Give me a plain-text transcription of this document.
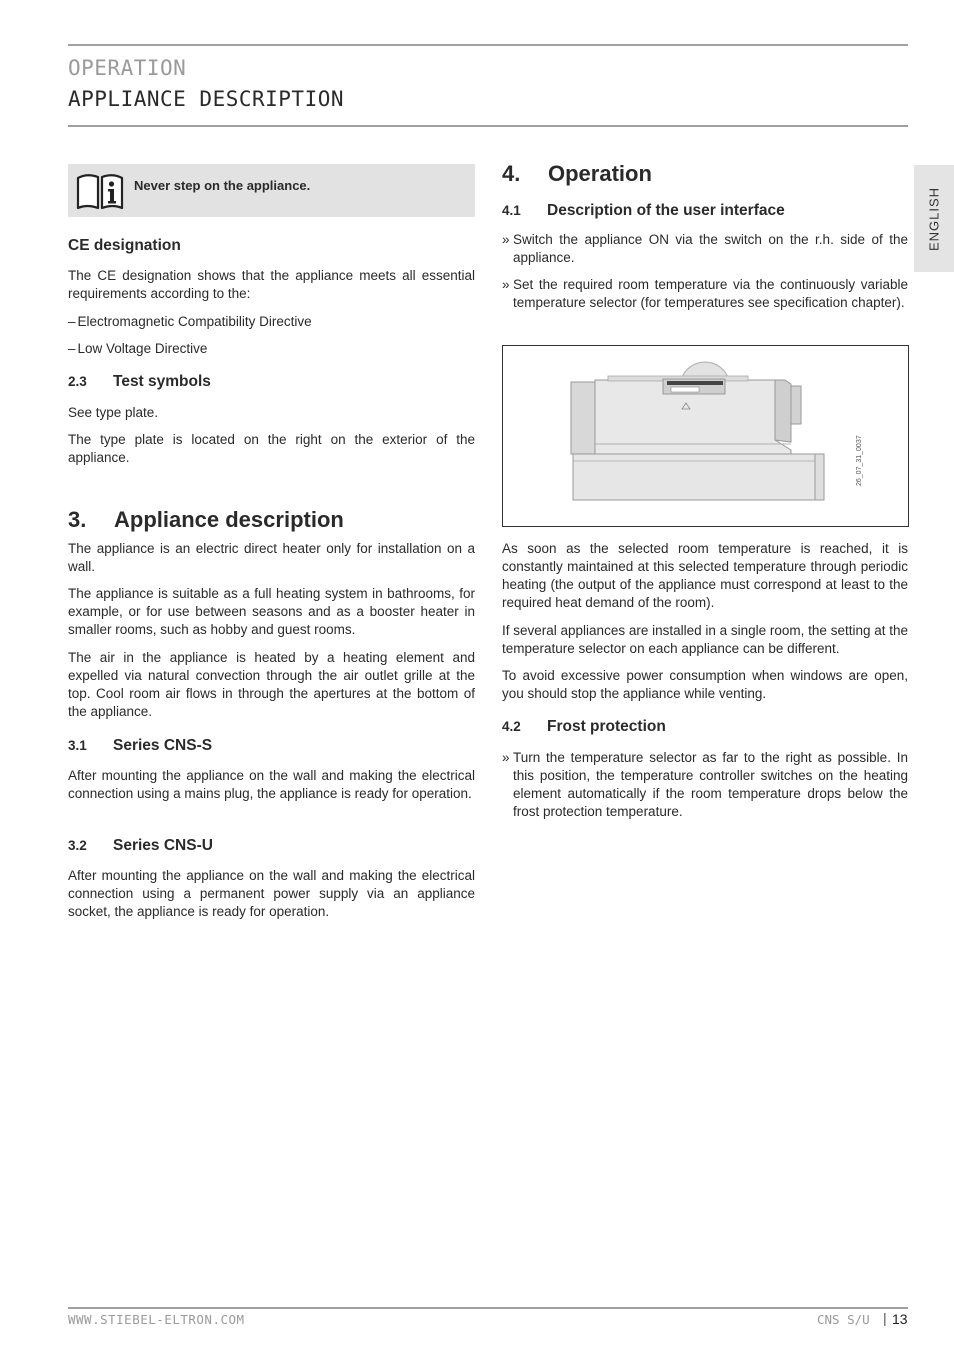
OPERATION
APPLIANCE DESCRIPTION
ENGLISH
Never step on the appliance.
CE designation

The CE designation shows that the appliance meets all essential requirements according to the:

– Electromagnetic Compatibility Directive
– Low Voltage Directive
2.3 Test symbols

See type plate.

The type plate is located on the right on the exterior of the appliance.

3. Appliance description

The appliance is an electric direct heater only for installation on a wall.

The appliance is suitable as a full heating system in bathrooms, for example, or for use between seasons and as a booster heater in smaller rooms, such as hobby and guest rooms.

The air in the appliance is heated by a heating element and expelled via natural convection through the air outlet grille at the top. Cool room air flows in through the apertures at the bottom of the appliance.

3.1 Series CNS-S

After mounting the appliance on the wall and making the electrical connection using a mains plug, the appliance is ready for operation.

3.2 Series CNS-U

After mounting the appliance on the wall and making the electrical connection using a permanent power supply via an appliance socket, the appliance is ready for operation.

4. Operation
4.1 Description of the user interface
» Switch the appliance ON via the switch on the r.h. side of the appliance.
» Set the required room temperature via the continuously variable temperature selector (for temperatures see specification chapter).

As soon as the selected room temperature is reached, it is constantly maintained at this selected temperature through periodic heating (the output of the appliance must correspond at least to the required heat demand of the room).

If several appliances are installed in a single room, the setting at the temperature selector on each appliance can be different.

To avoid excessive power consumption when windows are open, you should stop the appliance while venting.

4.2 Frost protection
» Turn the temperature selector as far to the right as possible. In this position, the temperature controller switches on the heating element automatically if the room temperature drops below the frost protection temperature.
26_07_31_0037
WWW.STIEBEL-ELTRON.COM	CNS S/U | 13
